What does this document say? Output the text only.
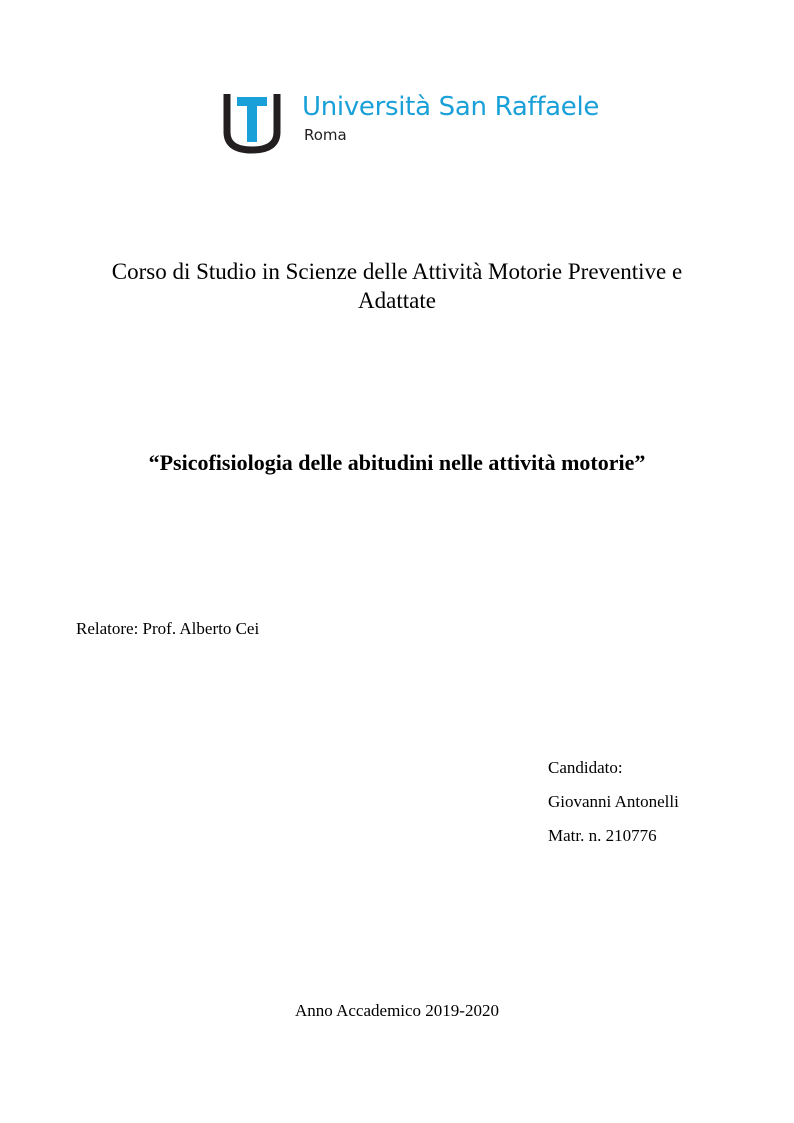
Università San Raffaele
Roma
Corso di Studio in Scienze delle Attività Motorie Preventive e Adattate
“Psicofisiologia delle abitudini nelle attività motorie”
Relatore: Prof. Alberto Cei
Candidato:
Giovanni Antonelli
Matr. n. 210776
Anno Accademico 2019-2020
